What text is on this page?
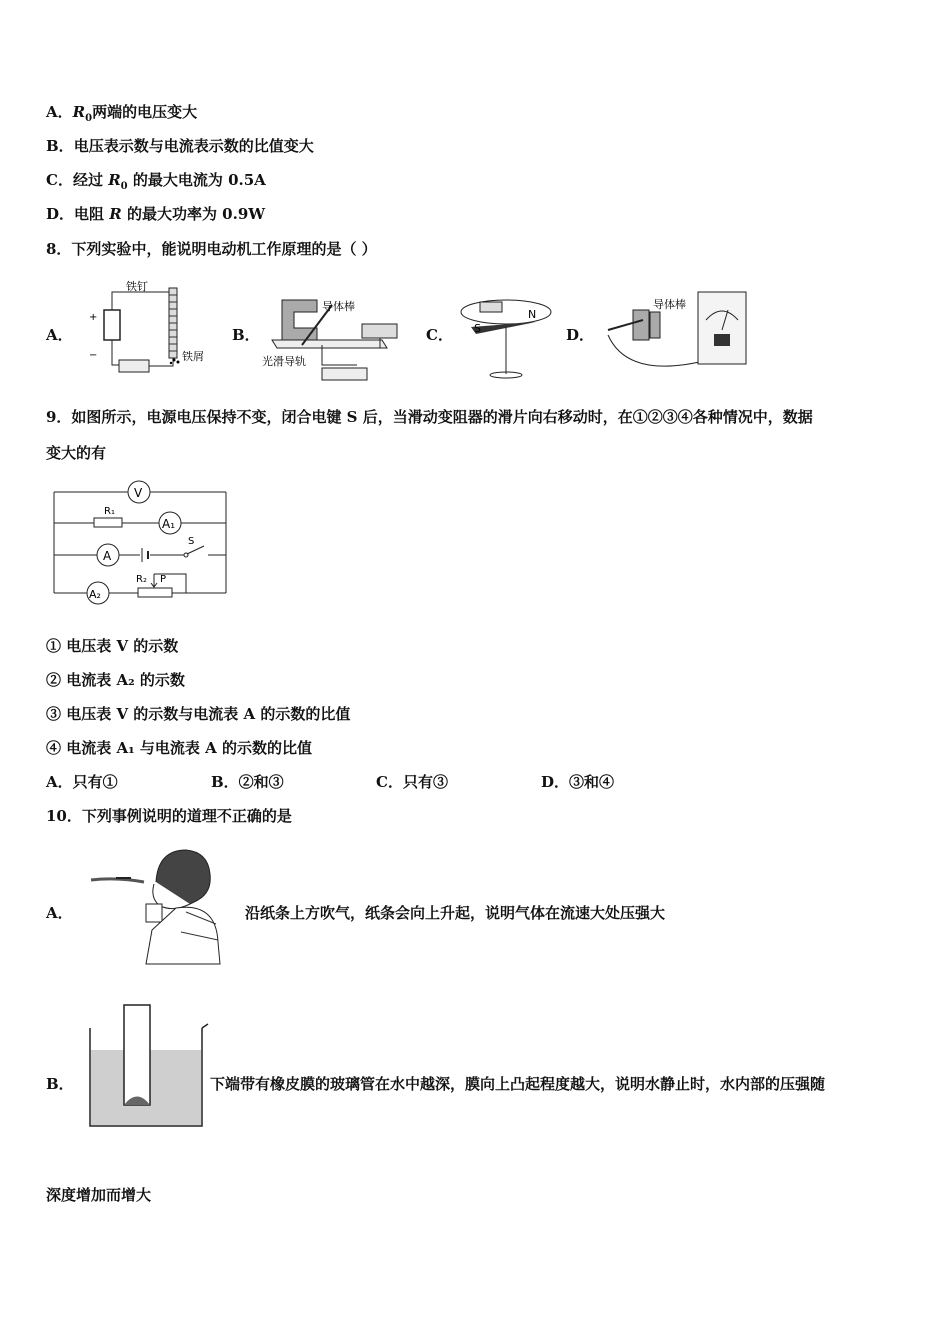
A．$R_0$两端的电压变大
B．电压表示数与电流表示数的比值变大
C．经过 $R_0$ 的最大电流为 0.5A
D．电阻 R 的最大功率为 0.9W
8．下列实验中，能说明电动机工作原理的是（ ）
A．
+
−
铁钉
铁屑
B．
导体棒
光滑导轨
C． S
N
D．
导体棒
9．如图所示，电源电压保持不变，闭合电键 S 后，当滑动变阻器的滑片向右移动时，在①②③④各种情况中，数据
变大的有
V
R₁
A₁
A
S
A₂
R₂ P
① 电压表 V 的示数
② 电流表 A₂ 的示数
③ 电压表 V 的示数与电流表 A 的示数的比值
④ 电流表 A₁ 与电流表 A 的示数的比值
A．只有①	B．②和③	C．只有③	D．③和④
10．下列事例说明的道理不正确的是
A．	沿纸条上方吹气，纸条会向上升起，说明气体在流速大处压强大
B．	下端带有橡皮膜的玻璃管在水中越深，膜向上凸起程度越大，说明水静止时，水内部的压强随
深度增加而增大
